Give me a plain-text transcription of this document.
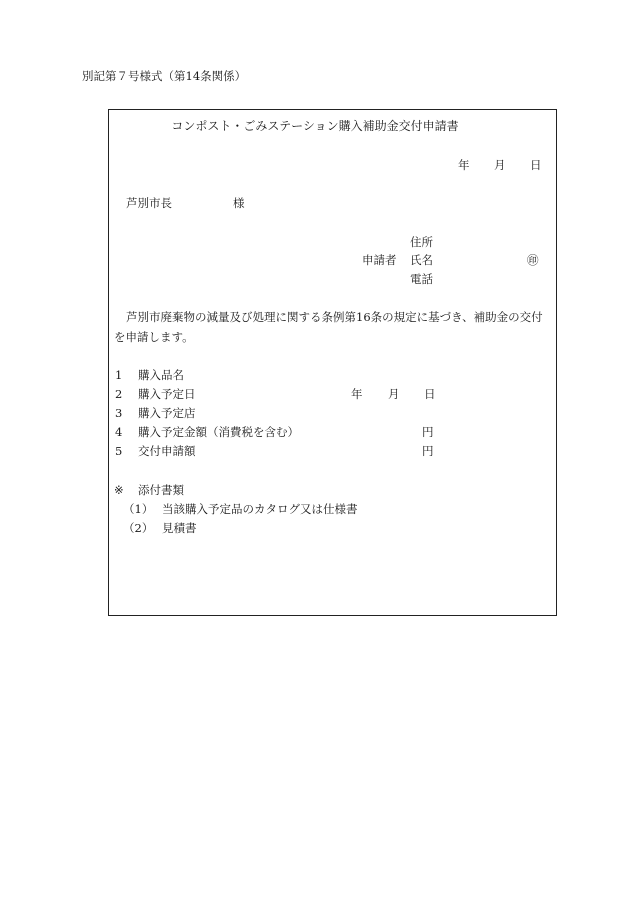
別記第７号様式（第14条関係）
コンポスト・ごみステーション購入補助金交付申請書
年 月 日
芦別市長	様
住所
申請者 氏名	㊞
電話
芦別市廃棄物の減量及び処理に関する条例第16条の規定に基づき、補助金の交付
を申請します。
1 購入品名
2 購入予定日	年 月 日
3 購入予定店
4 購入予定金額（消費税を含む）	円
5 交付申請額	円
※ 添付書類
（1） 当該購入予定品のカタログ又は仕様書
（2） 見積書
